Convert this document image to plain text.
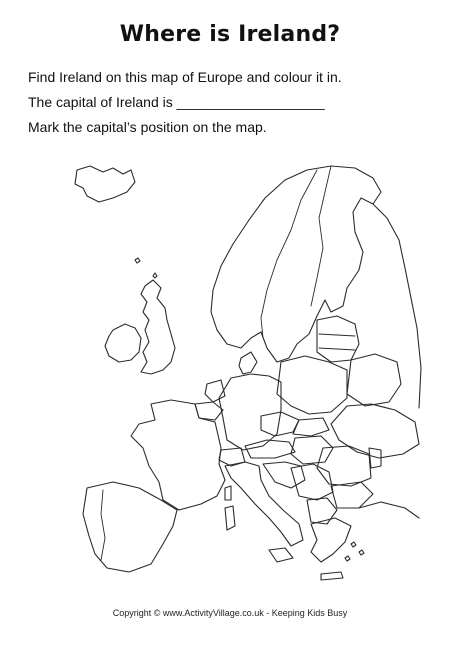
Where is Ireland?
Find Ireland on this map of Europe and colour it in.
The capital of Ireland is ___________________
Mark the capital’s position on the map.
Copyright © www.ActivityVillage.co.uk - Keeping Kids Busy
